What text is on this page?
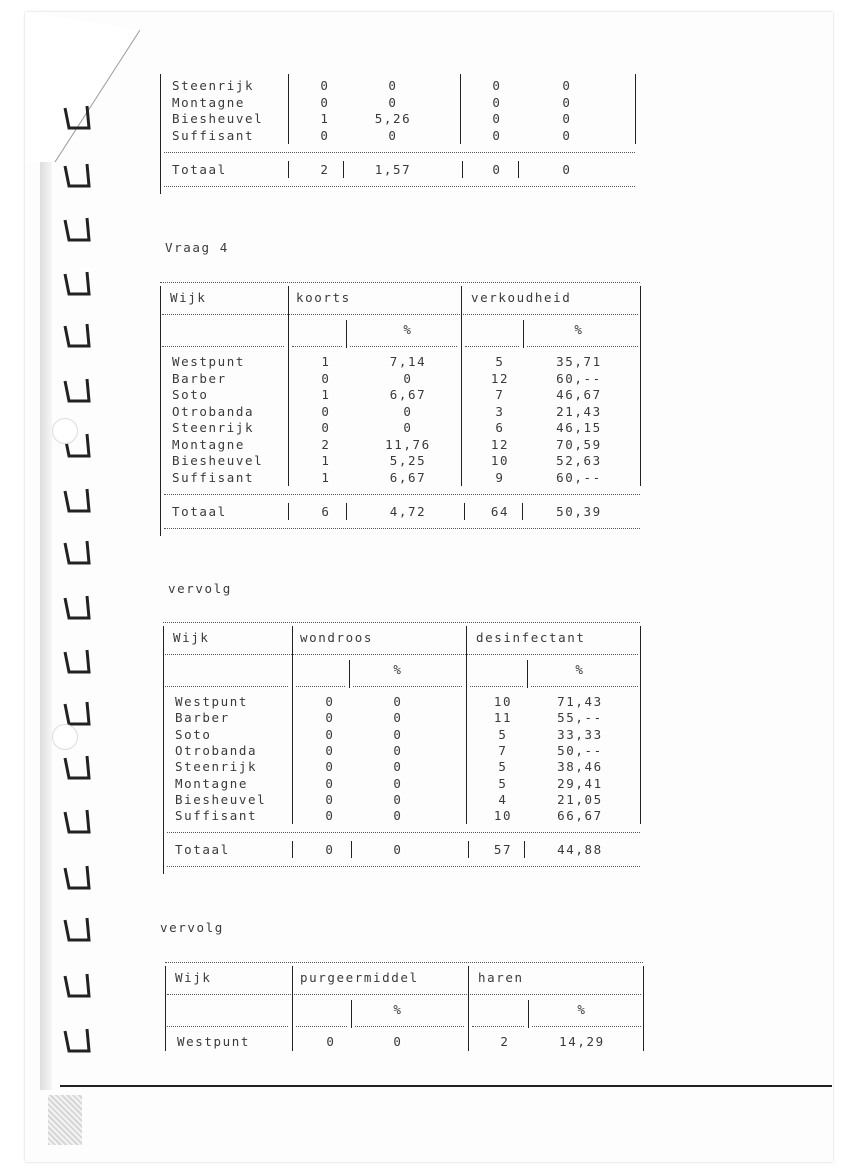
Steenrijk	0	0	0	0
Montagne	0	0	0	0
Biesheuvel	1	5,26	0	0
Suffisant	0	0	0	0
Totaal	2	1,57	0	0
Vraag 4
Wijk	koorts	verkoudheid
%	%
Westpunt	1	7,14	5	35,71
Barber	0	0	12	60,--
Soto	1	6,67	7	46,67
Otrobanda	0	0	3	21,43
Steenrijk	0	0	6	46,15
Montagne	2	11,76	12	70,59
Biesheuvel	1	5,25	10	52,63
Suffisant	1	6,67	9	60,--
Totaal	6	4,72	64	50,39
vervolg
Wijk	wondroos	desinfectant
%	%
Westpunt	0	0	10	71,43
Barber	0	0	11	55,--
Soto	0	0	5	33,33
Otrobanda	0	0	7	50,--
Steenrijk	0	0	5	38,46
Montagne	0	0	5	29,41
Biesheuvel	0	0	4	21,05
Suffisant	0	0	10	66,67
Totaal	0	0	57	44,88
vervolg
Wijk	purgeermiddel	haren
%	%
Westpunt	0	0	2	14,29
